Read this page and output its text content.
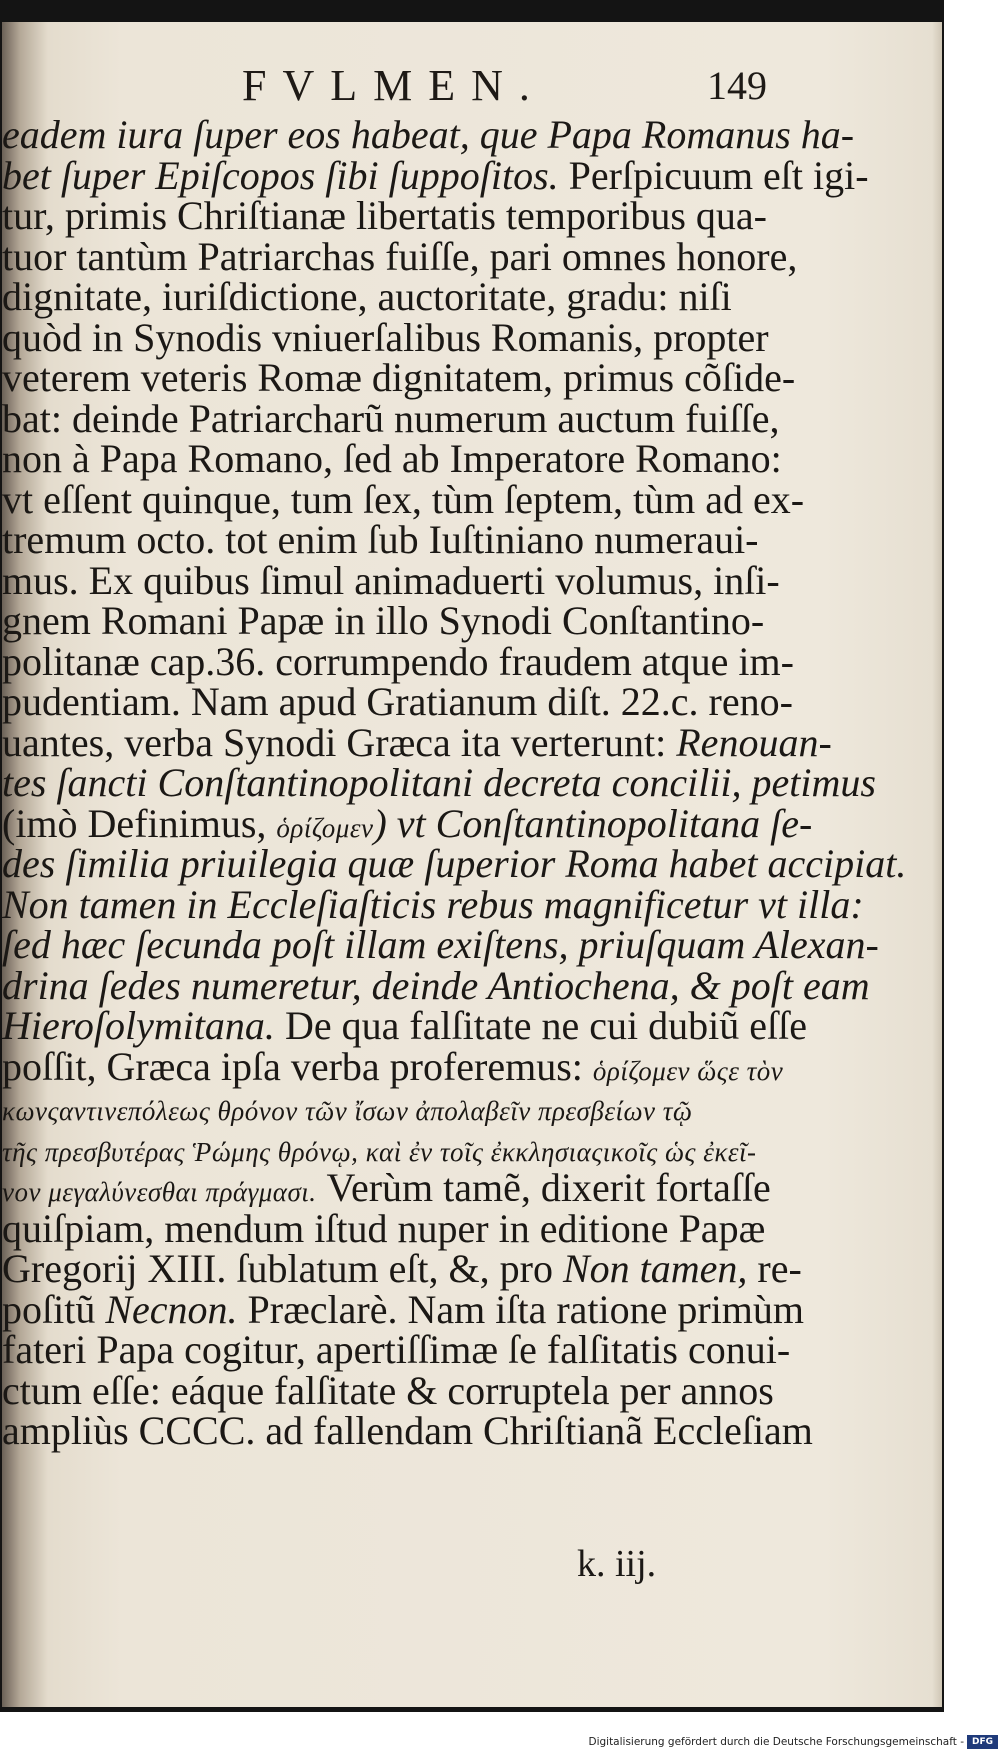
FVLMEN.	149
eadem iura ſuper eos habeat, que Papa Romanus ha-
bet ſuper Epiſcopos ſibi ſuppoſitos. Perſpicuum eſt igi-
tur, primis Chriſtianæ libertatis temporibus qua-
tuor tantùm Patriarchas fuiſſe, pari omnes honore,
dignitate, iuriſdictione, auctoritate, gradu: niſi
quòd in Synodis vniuerſalibus Romanis, propter
veterem veteris Romæ dignitatem, primus cõſide-
bat: deinde Patriarcharũ numerum auctum fuiſſe,
non à Papa Romano, ſed ab Imperatore Romano:
vt eſſent quinque, tum ſex, tùm ſeptem, tùm ad ex-
tremum octo. tot enim ſub Iuſtiniano numeraui-
mus. Ex quibus ſimul animaduerti volumus, inſi-
gnem Romani Papæ in illo Synodi Conſtantino-
politanæ cap.36. corrumpendo fraudem atque im-
pudentiam. Nam apud Gratianum diſt. 22.c. reno-
uantes, verba Synodi Græca ita verterunt: Renouan-
tes ſancti Conſtantinopolitani decreta concilii, petimus
(imò Definimus, ὁρίζομεν) vt Conſtantinopolitana ſe-
des ſimilia priuilegia quæ ſuperior Roma habet accipiat.
Non tamen in Eccleſiaſticis rebus magnificetur vt illa:
ſed hæc ſecunda poſt illam exiſtens, priuſquam Alexan-
drina ſedes numeretur, deinde Antiochena, & poſt eam
Hieroſolymitana. De qua falſitate ne cui dubiũ eſſe
poſſit, Græca ipſa verba proferemus: ὁρίζομεν ὥςε τὸν
κωνςαντινεπόλεως θρόνον τῶν ἴσων ἀπολαβεῖν πρεσβείων τῷ
τῆς πρεσβυτέρας Ῥώμης θρόνῳ, καὶ ἐν τοῖς ἐκκλησιαςικοῖς ὡς ἐκεῖ-
νον μεγαλύνεσθαι πράγμασι. Verùm tamẽ, dixerit fortaſſe
quiſpiam, mendum iſtud nuper in editione Papæ
Gregorij XIII. ſublatum eſt, &, pro Non tamen, re-
poſitũ Necnon. Præclarè. Nam iſta ratione primùm
fateri Papa cogitur, apertiſſimæ ſe falſitatis conui-
ctum eſſe: eáque falſitate & corruptela per annos
ampliùs CCCC. ad fallendam Chriſtianã Eccleſiam
k. iij.
Digitalisierung gefördert durch die Deutsche Forschungsgemeinschaft - DFG
